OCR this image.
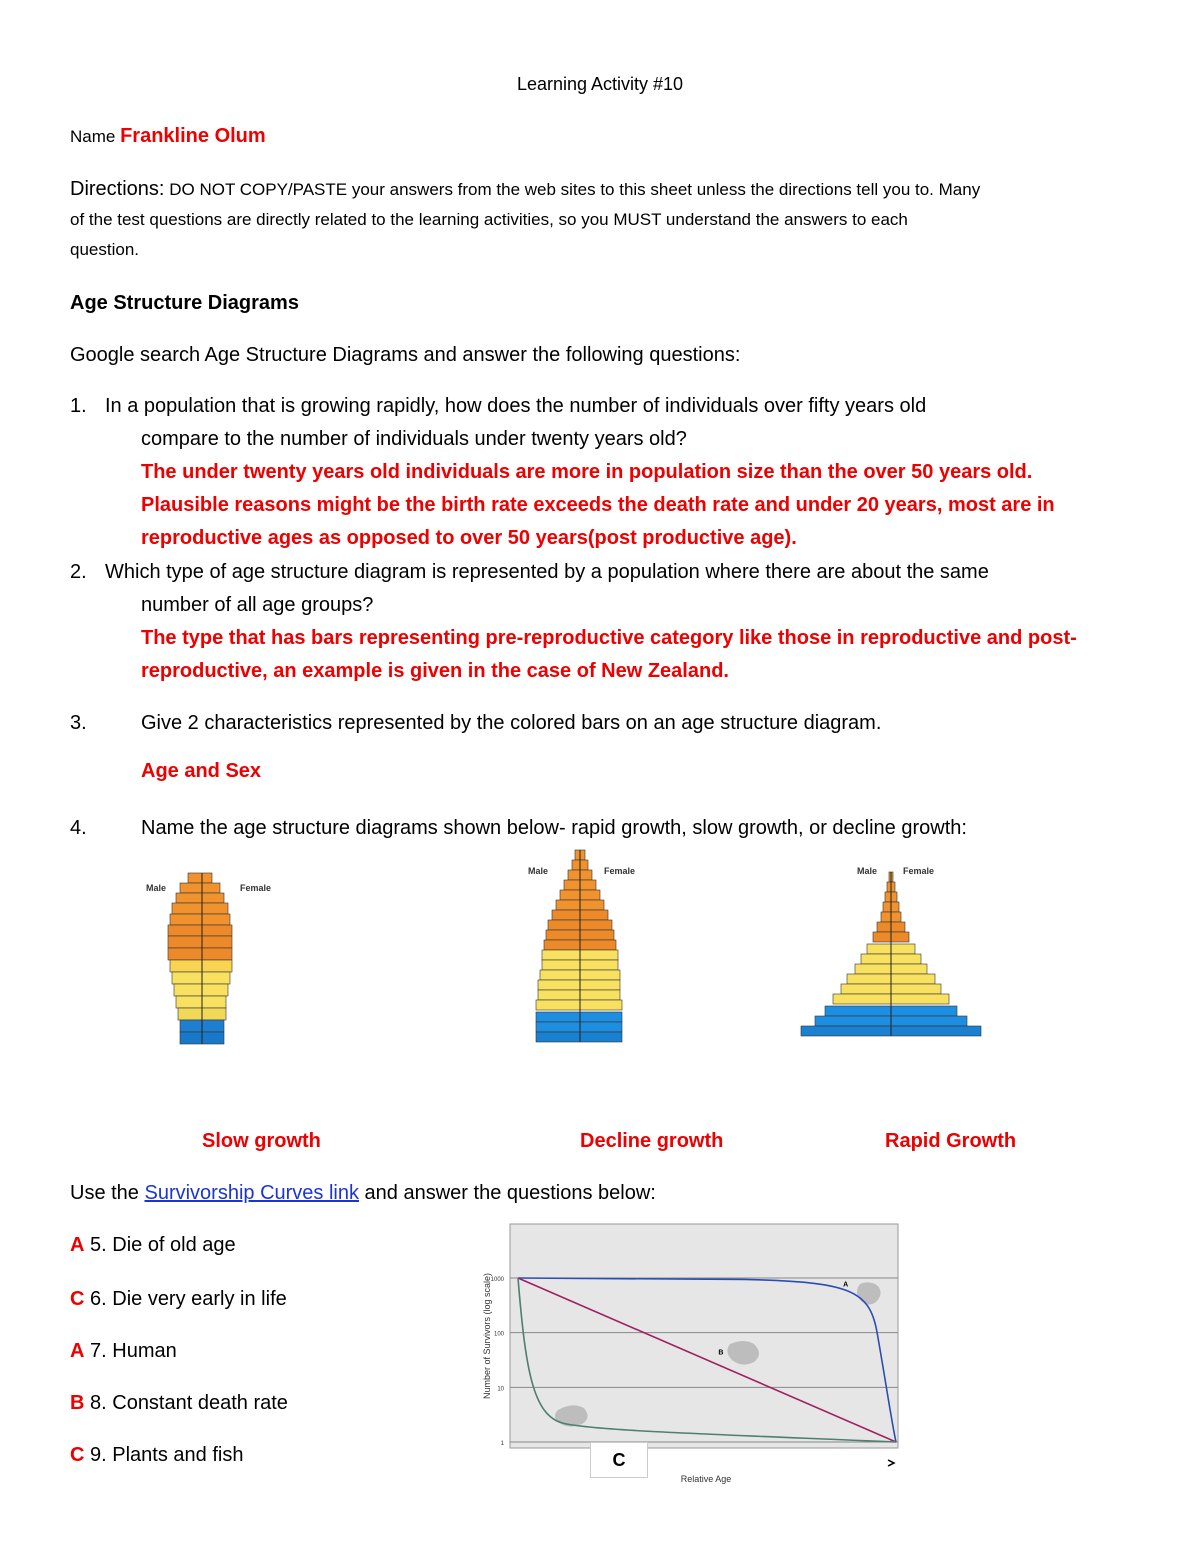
Learning Activity #10
Name Frankline Olum
Directions: DO NOT COPY/PASTE your answers from the web sites to this sheet unless the directions tell you to. Many
of the test questions are directly related to the learning activities, so you MUST understand the answers to each
question.
Age Structure Diagrams
Google search Age Structure Diagrams and answer the following questions:
1. In a population that is growing rapidly, how does the number of individuals over fifty years old
compare to the number of individuals under twenty years old?
The under twenty years old individuals are more in population size than the over 50 years old.
Plausible reasons might be the birth rate exceeds the death rate and under 20 years, most are in
reproductive ages as opposed to over 50 years(post productive age).
2. Which type of age structure diagram is represented by a population where there are about the same
number of all age groups?
The type that has bars representing pre-reproductive category like those in reproductive and post-
reproductive, an example is given in the case of New Zealand.
3.	Give 2 characteristics represented by the colored bars on an age structure diagram.
Age and Sex
4.	Name the age structure diagrams shown below- rapid growth, slow growth, or decline growth:
Male	Female
Male	Female	Male	Female
Slow growth	Decline growth	Rapid Growth
Use the Survivorship Curves link and answer the questions below:
A 5. Die of old age
C 6. Die very early in life
A 7. Human
B 8. Constant death rate
C 9. Plants and fish
1000
100
10
1
A
B
Number of Survivors (log scale)
Relative Age
C
